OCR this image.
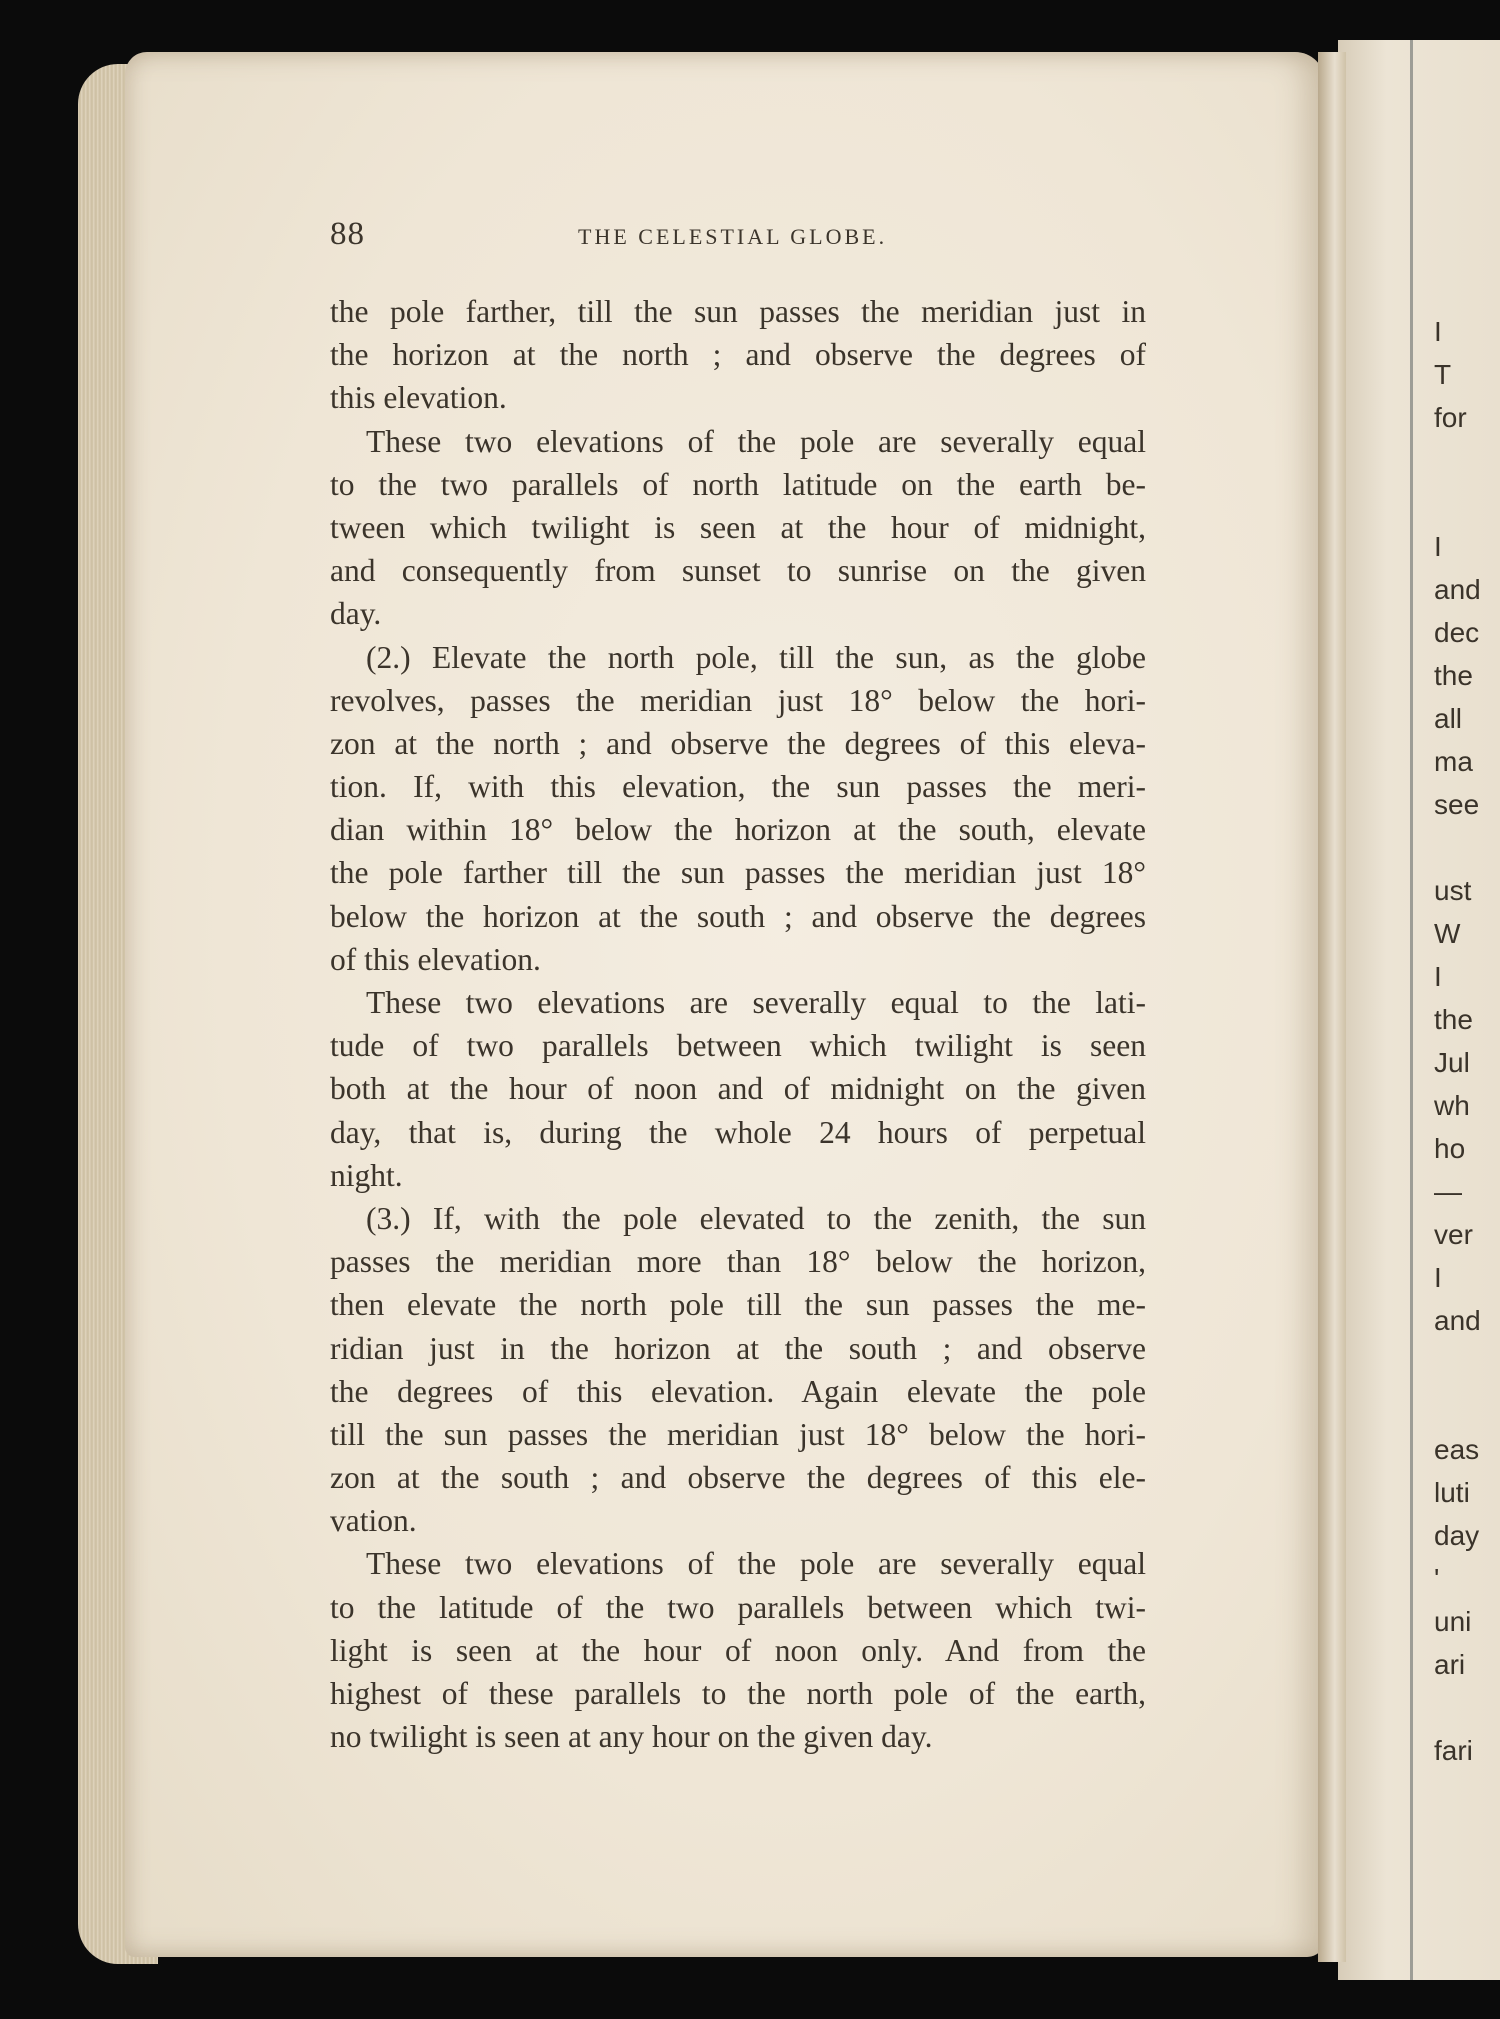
I
T
for
I
and
dec
the
all
ma
see
ust
W
I
the
Jul
wh
ho
—
ver
I
and
eas
luti
day
'
uni
ari
fari
88	THE CELESTIAL GLOBE.
the pole farther, till the sun passes the meridian just in
the horizon at the north ; and observe the degrees of
this elevation.
These two elevations of the pole are severally equal
to the two parallels of north latitude on the earth be-
tween which twilight is seen at the hour of midnight,
and consequently from sunset to sunrise on the given
day.
(2.) Elevate the north pole, till the sun, as the globe
revolves, passes the meridian just 18° below the hori-
zon at the north ; and observe the degrees of this eleva-
tion. If, with this elevation, the sun passes the meri-
dian within 18° below the horizon at the south, elevate
the pole farther till the sun passes the meridian just 18°
below the horizon at the south ; and observe the degrees
of this elevation.
These two elevations are severally equal to the lati-
tude of two parallels between which twilight is seen
both at the hour of noon and of midnight on the given
day, that is, during the whole 24 hours of perpetual
night.
(3.) If, with the pole elevated to the zenith, the sun
passes the meridian more than 18° below the horizon,
then elevate the north pole till the sun passes the me-
ridian just in the horizon at the south ; and observe
the degrees of this elevation. Again elevate the pole
till the sun passes the meridian just 18° below the hori-
zon at the south ; and observe the degrees of this ele-
vation.
These two elevations of the pole are severally equal
to the latitude of the two parallels between which twi-
light is seen at the hour of noon only. And from the
highest of these parallels to the north pole of the earth,
no twilight is seen at any hour on the given day.
